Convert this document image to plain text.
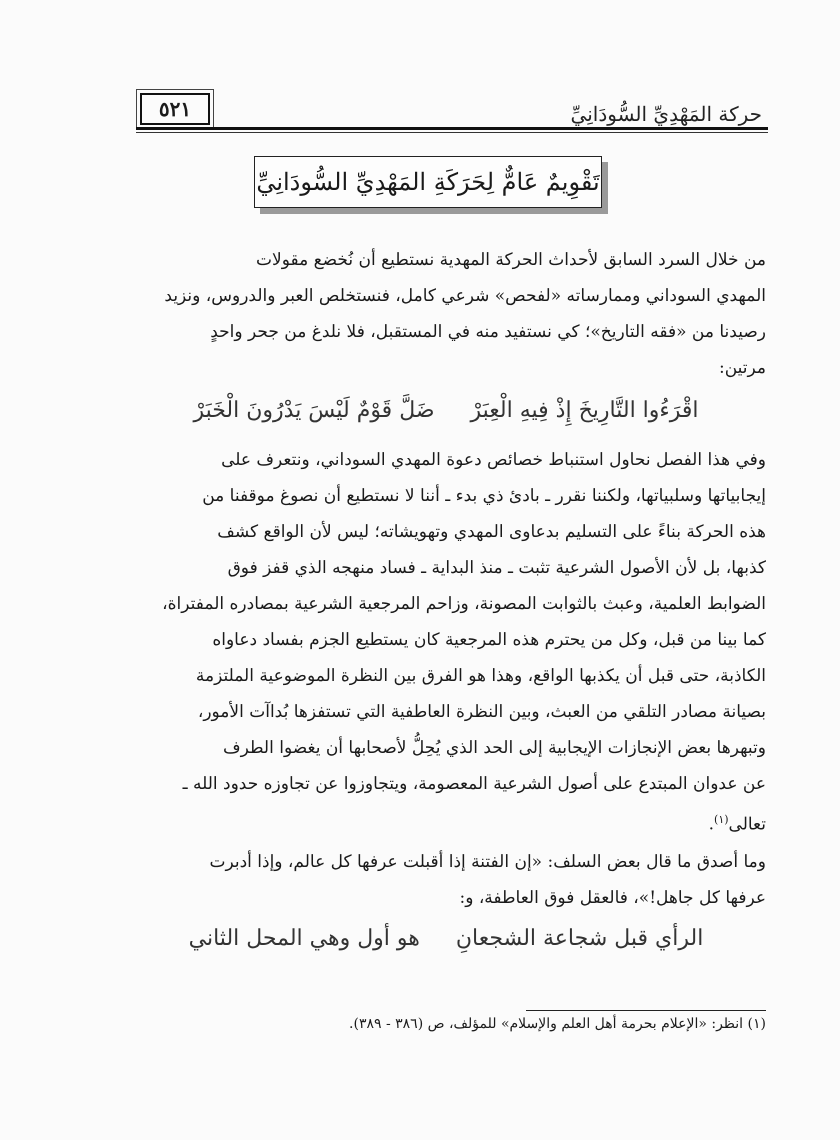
حركة المَهْدِيِّ السُّودَانِيِّ
٥٢١
تَقْوِيمٌ عَامٌّ لِحَرَكَةِ المَهْدِيِّ السُّودَانِيِّ
من خلال السرد السابق لأحداث الحركة المهدية نستطيع أن نُخضع مقولات
المهدي السوداني وممارساته «لفحص» شرعي كامل، فنستخلص العبر والدروس، ونزيد
رصيدنا من «فقه التاريخ»؛ كي نستفيد منه في المستقبل، فلا نلدغ من جحر واحدٍ
مرتين:
اقْرَءُوا التَّارِيخَ إِذْ فِيهِ الْعِبَرْضَلَّ قَوْمٌ لَيْسَ يَدْرُونَ الْخَبَرْ
وفي هذا الفصل نحاول استنباط خصائص دعوة المهدي السوداني، ونتعرف على
إيجابياتها وسلبياتها، ولكننا نقرر ـ بادئ ذي بدء ـ أننا لا نستطيع أن نصوغ موقفنا من
هذه الحركة بناءً على التسليم بدعاوى المهدي وتهويشاته؛ ليس لأن الواقع كشف
كذبها، بل لأن الأصول الشرعية تثبت ـ منذ البداية ـ فساد منهجه الذي قفز فوق
الضوابط العلمية، وعبث بالثوابت المصونة، وزاحم المرجعية الشرعية بمصادره المفتراة،
كما بينا من قبل، وكل من يحترم هذه المرجعية كان يستطيع الجزم بفساد دعاواه
الكاذبة، حتى قبل أن يكذبها الواقع، وهذا هو الفرق بين النظرة الموضوعية الملتزمة
بصيانة مصادر التلقي من العبث، وبين النظرة العاطفية التي تستفزها بُداآت الأمور،
وتبهرها بعض الإنجازات الإيجابية إلى الحد الذي يُحِلُّ لأصحابها أن يغضوا الطرف
عن عدوان المبتدع على أصول الشرعية المعصومة، ويتجاوزوا عن تجاوزه حدود الله ـ
تعالى$^{(١)}$.
وما أصدق ما قال بعض السلف: «إن الفتنة إذا أقبلت عرفها كل عالم، وإذا أدبرت
عرفها كل جاهل!»، فالعقل فوق العاطفة، و:
الرأي قبل شجاعة الشجعانِهو أول وهي المحل الثاني
(١) انظر: «الإعلام بحرمة أهل العلم والإسلام» للمؤلف، ص (٣٨٦ - ٣٨٩).
